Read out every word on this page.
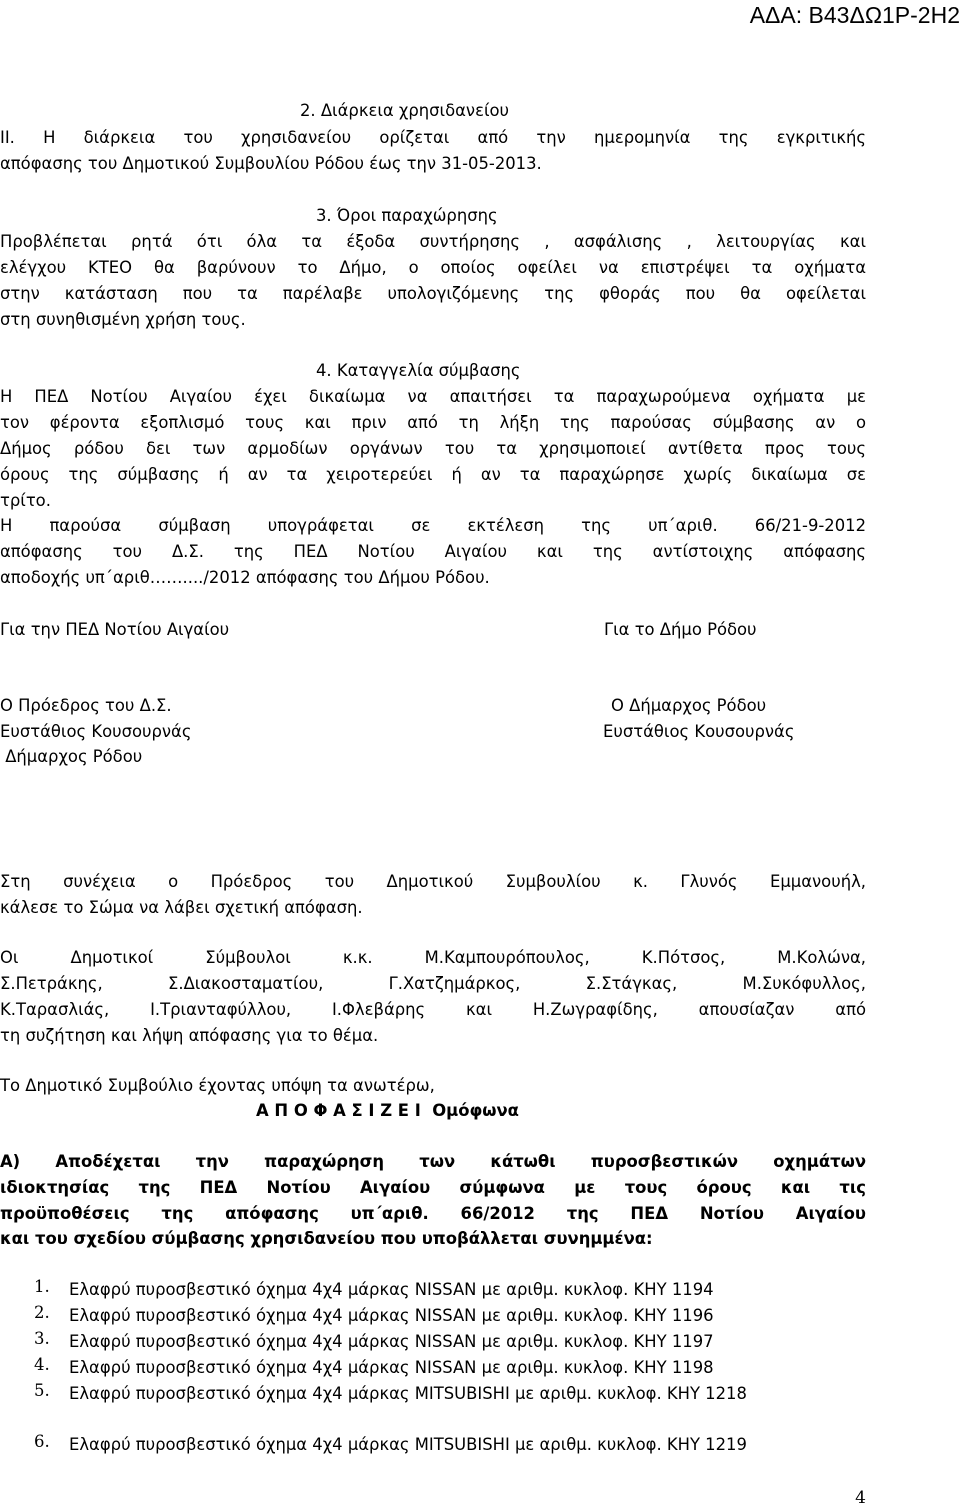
ΑΔΑ: Β43ΔΩ1Ρ-2Η2
2. Διάρκεια χρησιδανείου
ΙΙ. Η διάρκεια του χρησιδανείου ορίζεται από την ημερομηνία της εγκριτικής
απόφασης του Δημοτικού Συμβουλίου Ρόδου έως την 31-05-2013.
3. Όροι παραχώρησης
Προβλέπεται ρητά ότι όλα τα έξοδα συντήρησης , ασφάλισης , λειτουργίας και
ελέγχου ΚΤΕΟ θα βαρύνουν το Δήμο, ο οποίος οφείλει να επιστρέψει τα οχήματα
στην κατάσταση που τα παρέλαβε υπολογιζόμενης της φθοράς που θα οφείλεται
στη συνηθισμένη χρήση τους.
4. Καταγγελία σύμβασης
Η ΠΕΔ Νοτίου Αιγαίου έχει δικαίωμα να απαιτήσει τα παραχωρούμενα οχήματα με
τον φέροντα εξοπλισμό τους και πριν από τη λήξη της παρούσας σύμβασης αν ο
Δήμος ρόδου δει των αρμοδίων οργάνων του τα χρησιμοποιεί αντίθετα προς τους
όρους της σύμβασης ή αν τα χειροτερεύει ή αν τα παραχώρησε χωρίς δικαίωμα σε
τρίτο.
Η παρούσα σύμβαση υπογράφεται σε εκτέλεση της υπ΄αριθ. 66/21-9-2012
απόφασης του Δ.Σ. της ΠΕΔ Νοτίου Αιγαίου και της αντίστοιχης απόφασης
αποδοχής υπ΄αριθ……..../2012 απόφασης του Δήμου Ρόδου.
Για την ΠΕΔ Νοτίου Αιγαίου	Για το Δήμο Ρόδου
Ο Πρόεδρος του Δ.Σ.
Ευστάθιος Κουσουρνάς
Δήμαρχος Ρόδου
Ο Δήμαρχος Ρόδου
Ευστάθιος Κουσουρνάς
Στη συνέχεια ο Πρόεδρος του Δημοτικού Συμβουλίου κ. Γλυνός Εμμανουήλ,
κάλεσε το Σώμα να λάβει σχετική απόφαση.
Οι Δημοτικοί Σύμβουλοι κ.κ. Μ.Καμπουρόπουλος, Κ.Πότσος, Μ.Κολώνα,
Σ.Πετράκης, Σ.Διακοσταματίου, Γ.Χατζημάρκος, Σ.Στάγκας, Μ.Συκόφυλλος,
Κ.Ταρασλιάς, Ι.Τριανταφύλλου, Ι.Φλεβάρης και Η.Ζωγραφίδης, απουσίαζαν από
τη συζήτηση και λήψη απόφασης για το θέμα.
Το Δημοτικό Συμβούλιο έχοντας υπόψη τα ανωτέρω,
Α Π Ο Φ Α Σ Ι Ζ Ε Ι  Ομόφωνα
Α) Αποδέχεται την παραχώρηση των κάτωθι πυροσβεστικών οχημάτων
ιδιοκτησίας της ΠΕΔ Νοτίου Αιγαίου σύμφωνα με τους όρους και τις
προϋποθέσεις της απόφασης υπ΄αριθ. 66/2012 της ΠΕΔ Νοτίου Αιγαίου
και του σχεδίου σύμβασης χρησιδανείου που υποβάλλεται συνημμένα:
1.	Ελαφρύ πυροσβεστικό όχημα 4χ4 μάρκας NISSAN με αριθμ. κυκλοφ. ΚΗΥ 1194
2.	Ελαφρύ πυροσβεστικό όχημα 4χ4 μάρκας NISSAN με αριθμ. κυκλοφ. ΚΗΥ 1196
3.	Ελαφρύ πυροσβεστικό όχημα 4χ4 μάρκας NISSAN με αριθμ. κυκλοφ. ΚΗΥ 1197
4.	Ελαφρύ πυροσβεστικό όχημα 4χ4 μάρκας NISSAN με αριθμ. κυκλοφ. ΚΗΥ 1198
5.	Ελαφρύ πυροσβεστικό όχημα 4χ4 μάρκας MITSUBISHI με αριθμ. κυκλοφ. ΚΗΥ 1218
6.	Ελαφρύ πυροσβεστικό όχημα 4χ4 μάρκας MITSUBISHI με αριθμ. κυκλοφ. ΚΗΥ 1219
4
